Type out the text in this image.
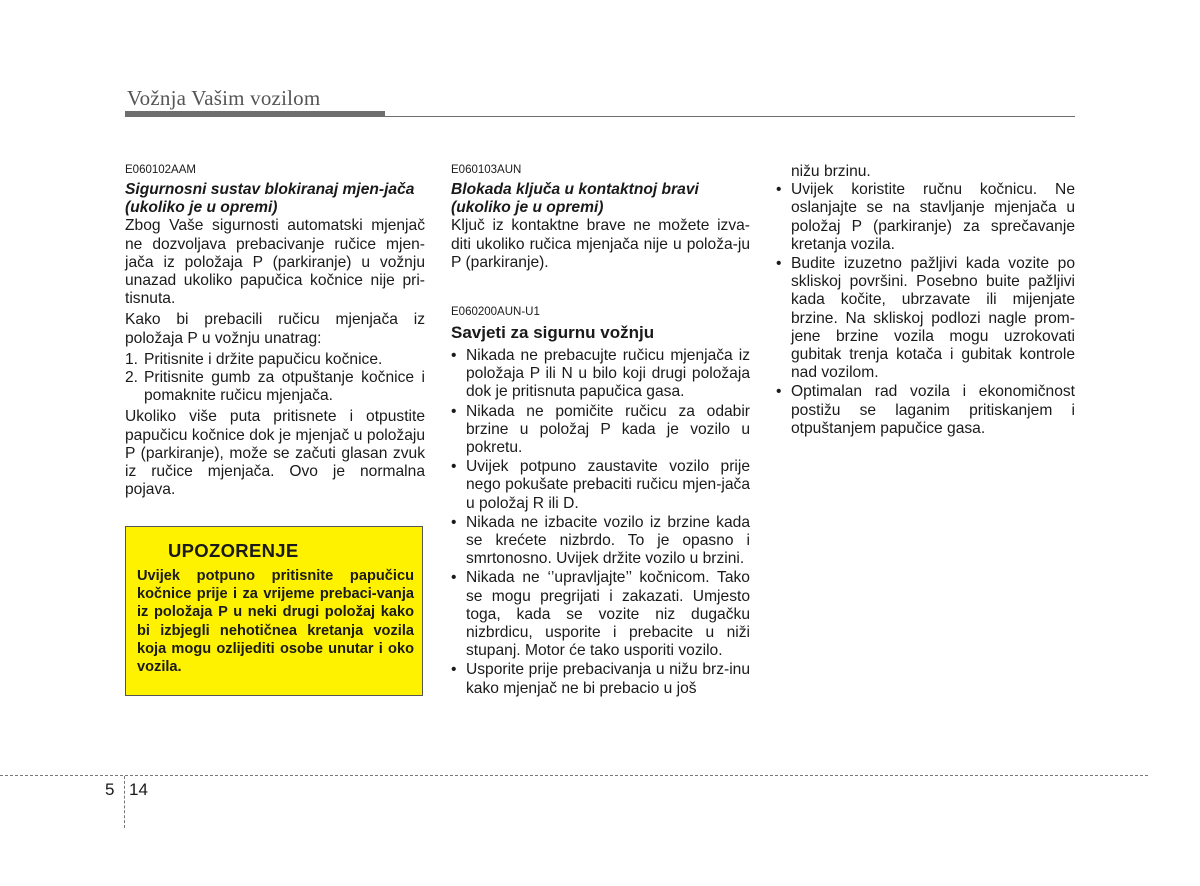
Vožnja Vašim vozilom
E060102AAM
Sigurnosni sustav blokiranaj mjen-jača (ukoliko je u opremi)

Zbog Vaše sigurnosti automatski mjenjač ne dozvoljava prebacivanje ručice mjen-jača iz položaja P (parkiranje) u vožnju unazad ukoliko papučica kočnice nije pri-tisnuta.

Kako bi prebacili ručicu mjenjača iz položaja P u vožnju unatrag:

1. Pritisnite i držite papučicu kočnice.
2. Pritisnite gumb za otpuštanje kočnice i pomaknite ručicu mjenjača.

Ukoliko više puta pritisnete i otpustite papučicu kočnice dok je mjenjač u položaju P (parkiranje), može se začuti glasan zvuk iz ručice mjenjača. Ovo je normalna pojava.

UPOZORENJE
Uvijek potpuno pritisnite papučicu kočnice prije i za vrijeme prebaci-vanja iz položaja P u neki drugi položaj kako bi izbjegli nehotičnea kretanja vozila koja mogu ozlijediti osobe unutar i oko vozila.
E060103AUN
Blokada ključa u kontaktnoj bravi (ukoliko je u opremi)

Ključ iz kontaktne brave ne možete izva-diti ukoliko ručica mjenjača nije u položa-ju P (parkiranje).

E060200AUN-U1
Savjeti za sigurnu vožnju
• Nikada ne prebacujte ručicu mjenjača iz položaja P ili N u bilo koji drugi položaja dok je pritisnuta papučica gasa.
• Nikada ne pomičite ručicu za odabir brzine u položaj P kada je vozilo u pokretu.
• Uvijek potpuno zaustavite vozilo prije nego pokušate prebaciti ručicu mjen-jača u položaj R ili D.
• Nikada ne izbacite vozilo iz brzine kada se krećete nizbrdo. To je opasno i smrtonosno. Uvijek držite vozilo u brzini.
• Nikada ne ‘’upravljajte’’ kočnicom. Tako se mogu pregrijati i zakazati. Umjesto toga, kada se vozite niz dugačku nizbrdicu, usporite i prebacite u niži stupanj. Motor će tako usporiti vozilo.
• Usporite prije prebacivanja u nižu brz-inu kako mjenjač ne bi prebacio u još
nižu brzinu.
• Uvijek koristite ručnu kočnicu. Ne oslanjajte se na stavljanje mjenjača u položaj P (parkiranje) za sprečavanje kretanja vozila.
• Budite izuzetno pažljivi kada vozite po skliskoj površini. Posebno buite pažljivi kada kočite, ubrzavate ili mijenjate brzine. Na skliskoj podlozi nagle prom-jene brzine vozila mogu uzrokovati gubitak trenja kotača i gubitak kontrole nad vozilom.
• Optimalan rad vozila i ekonomičnost postižu se laganim pritiskanjem i otpuštanjem papučice gasa.
5 14
